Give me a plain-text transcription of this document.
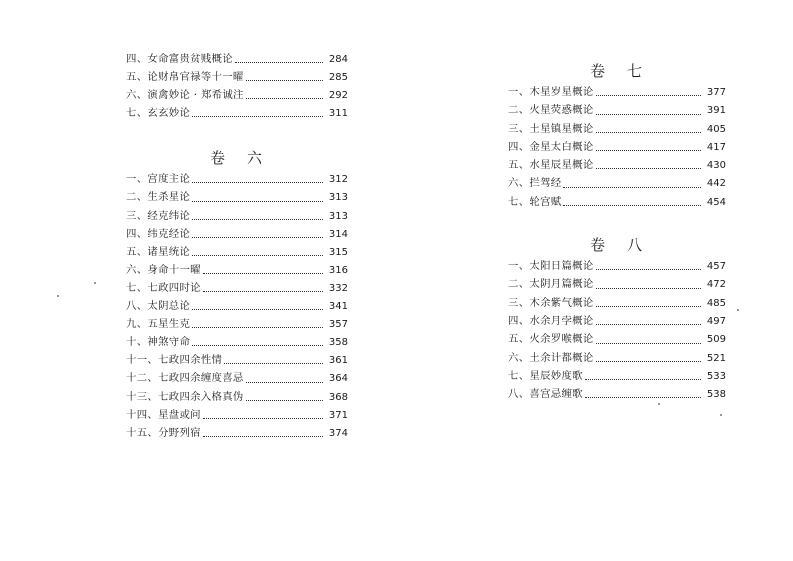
四、女命富贵贫贱概论	284
五、论财帛官禄等十一曜	285
六、演禽妙论 · 郑希诚注	292
七、玄玄妙论	311
卷 六
一、宫度主论	312
二、生杀星论	313
三、经克纬论	313
四、纬克经论	314
五、诸星统论	315
六、身命十一曜	316
七、七政四时论	332
八、太阴总论	341
九、五星生克	357
十、神煞守命	358
十一、七政四余性情	361
十二、七政四余缠度喜忌	364
十三、七政四余入格真伪	368
十四、星盘或问	371
十五、分野列宿	374
卷 七
一、木星岁星概论	377
二、火星荧惑概论	391
三、土星镇星概论	405
四、金星太白概论	417
五、水星辰星概论	430
六、拦驾经	442
七、轮宫赋	454
卷 八
一、太阳日篇概论	457
二、太阴月篇概论	472
三、木余紫气概论	485
四、水余月孛概论	497
五、火余罗喉概论	509
六、土余计都概论	521
七、星辰妙度歌	533
八、喜宫忌缠歌	538
